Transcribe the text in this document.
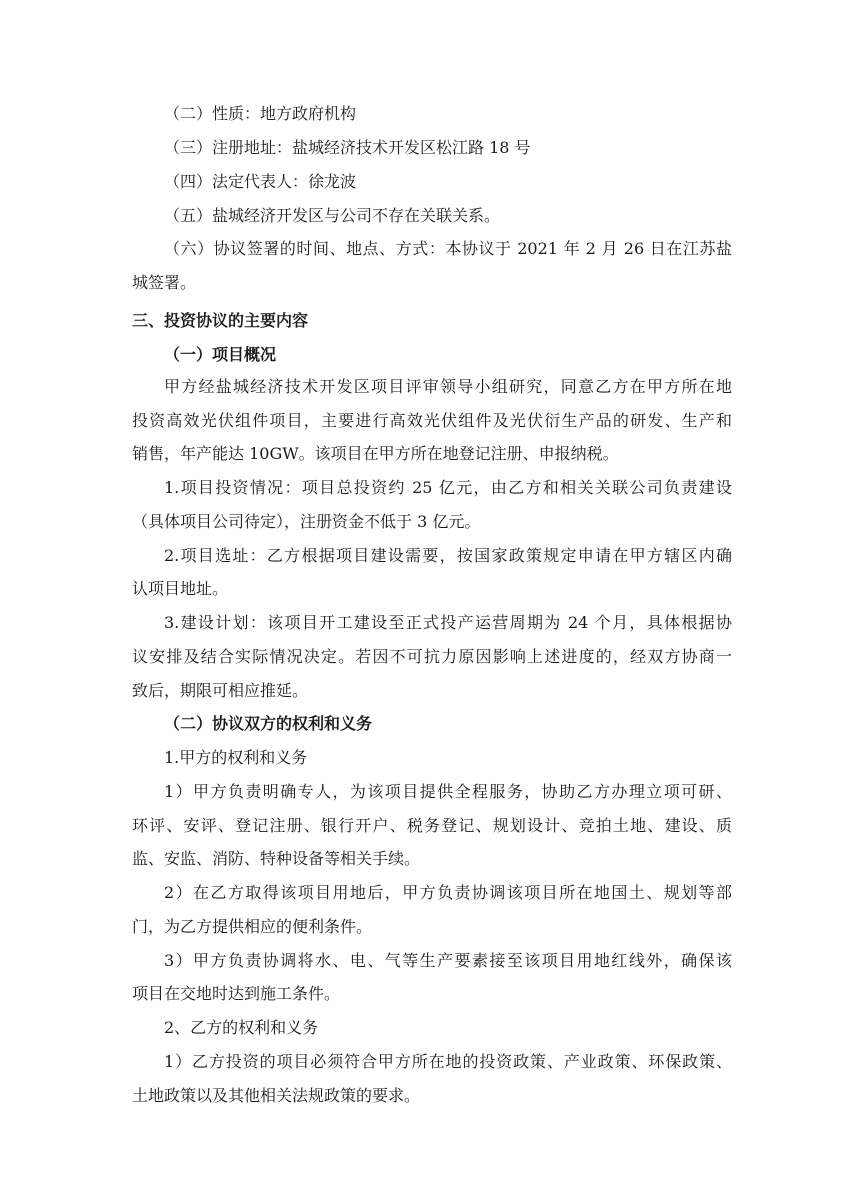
（二）性质：地方政府机构
（三）注册地址：盐城经济技术开发区松江路 18 号
（四）法定代表人：徐龙波
（五）盐城经济开发区与公司不存在关联关系。
（六）协议签署的时间、地点、方式：本协议于 2021 年 2 月 26 日在江苏盐
城签署。
三、投资协议的主要内容
（一）项目概况
甲方经盐城经济技术开发区项目评审领导小组研究，同意乙方在甲方所在地
投资高效光伏组件项目，主要进行高效光伏组件及光伏衍生产品的研发、生产和
销售，年产能达 10GW。该项目在甲方所在地登记注册、申报纳税。
1.项目投资情况：项目总投资约 25 亿元，由乙方和相关关联公司负责建设
（具体项目公司待定），注册资金不低于 3 亿元。
2.项目选址：乙方根据项目建设需要，按国家政策规定申请在甲方辖区内确
认项目地址。
3.建设计划：该项目开工建设至正式投产运营周期为 24 个月，具体根据协
议安排及结合实际情况决定。若因不可抗力原因影响上述进度的，经双方协商一
致后，期限可相应推延。
（二）协议双方的权利和义务
1.甲方的权利和义务
1）甲方负责明确专人，为该项目提供全程服务，协助乙方办理立项可研、
环评、安评、登记注册、银行开户、税务登记、规划设计、竞拍土地、建设、质
监、安监、消防、特种设备等相关手续。
2）在乙方取得该项目用地后，甲方负责协调该项目所在地国土、规划等部
门，为乙方提供相应的便利条件。
3）甲方负责协调将水、电、气等生产要素接至该项目用地红线外，确保该
项目在交地时达到施工条件。
2、乙方的权利和义务
1）乙方投资的项目必须符合甲方所在地的投资政策、产业政策、环保政策、
土地政策以及其他相关法规政策的要求。
